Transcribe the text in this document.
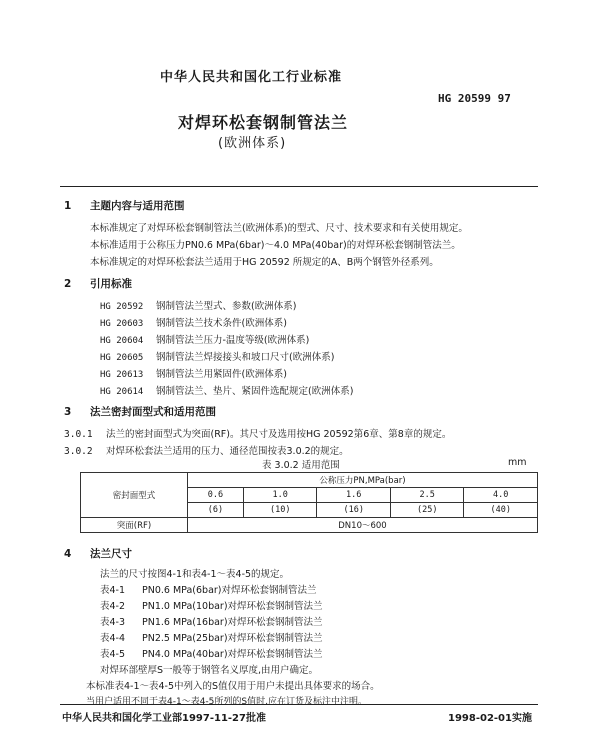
中华人民共和国化工行业标准
HG 20599 97
对焊环松套钢制管法兰
(欧洲体系)
1 主题内容与适用范围
本标准规定了对焊环松套钢制管法兰(欧洲体系)的型式、尺寸、技术要求和有关使用规定。
本标准适用于公称压力PN0.6 MPa(6bar)～4.0 MPa(40bar)的对焊环松套钢制管法兰。
本标准规定的对焊环松套法兰适用于HG 20592 所规定的A、B两个钢管外径系列。
2 引用标准
HG 20592 钢制管法兰型式、参数(欧洲体系)
HG 20603 钢制管法兰技术条件(欧洲体系)
HG 20604 钢制管法兰压力-温度等级(欧洲体系)
HG 20605 钢制管法兰焊接接头和坡口尺寸(欧洲体系)
HG 20613 钢制管法兰用紧固件(欧洲体系)
HG 20614 钢制管法兰、垫片、紧固件选配规定(欧洲体系)
3 法兰密封面型式和适用范围
3.0.1 法兰的密封面型式为突面(RF)。其尺寸及选用按HG 20592第6章、第8章的规定。
3.0.2 对焊环松套法兰适用的压力、通径范围按表3.0.2的规定。
表 3.0.2 适用范围	mm
密封面型式	公称压力PN,MPa(bar)				
	0.6	1.0	1.6	2.5	4.0
	(6)	(10)	(16)	(25)	(40)
突面(RF)	DN10～600				
4 法兰尺寸
法兰的尺寸按图4-1和表4-1～表4-5的规定。
表4-1 PN0.6 MPa(6bar)对焊环松套钢制管法兰
表4-2 PN1.0 MPa(10bar)对焊环松套钢制管法兰
表4-3 PN1.6 MPa(16bar)对焊环松套钢制管法兰
表4-4 PN2.5 MPa(25bar)对焊环松套钢制管法兰
表4-5 PN4.0 MPa(40bar)对焊环松套钢制管法兰
对焊环部壁厚S一般等于钢管名义厚度,由用户确定。
本标准表4-1～表4-5中列入的S值仅用于用户未提出具体要求的场合。
当用户适用不同于表4-1～表4-5所列的S值时,应在订货及标注中注明。
中华人民共和国化学工业部1997-11-27批准	1998-02-01实施
